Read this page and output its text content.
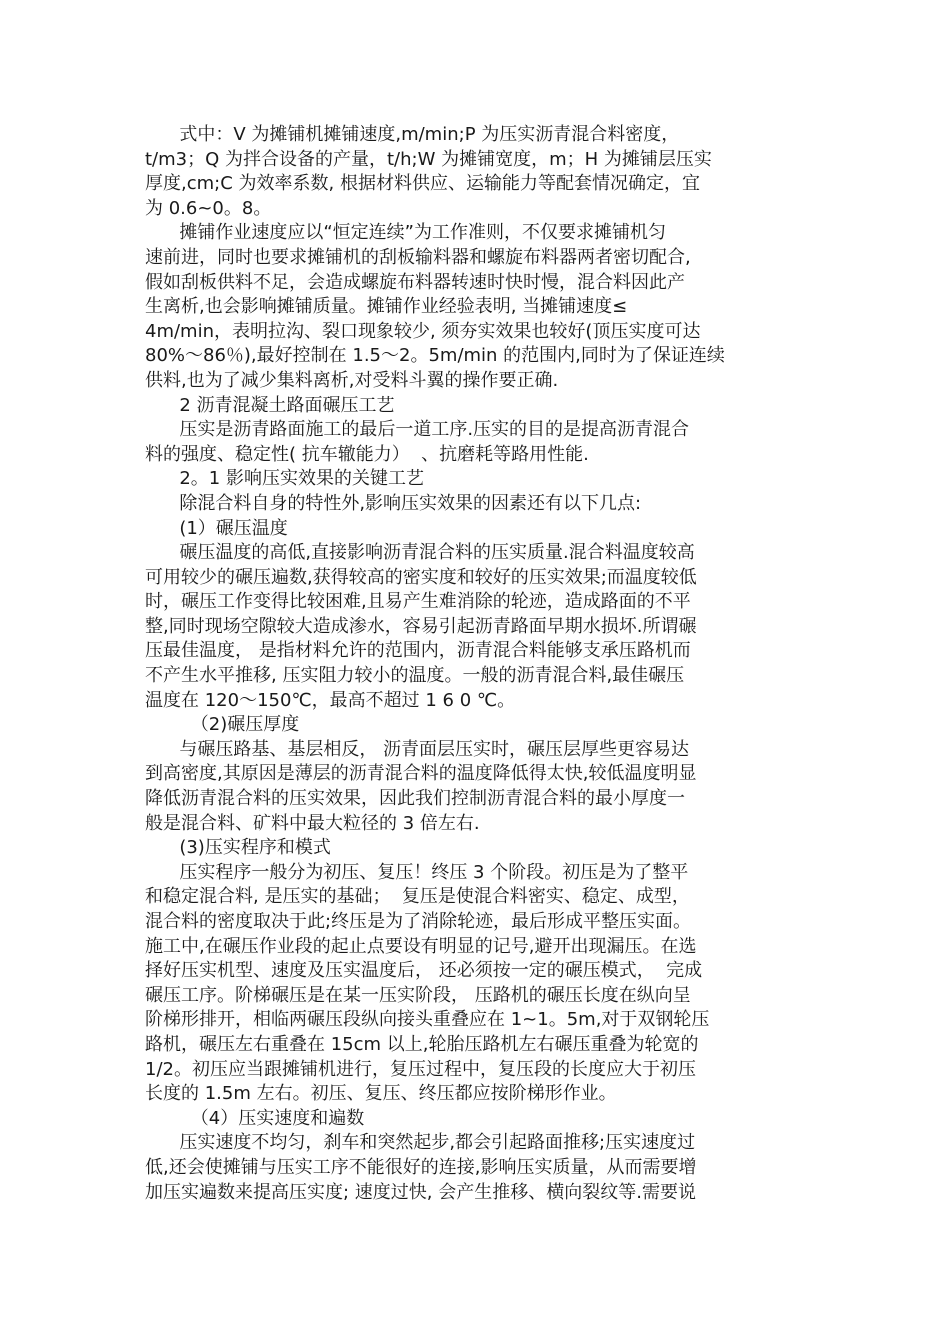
式中：V 为摊铺机摊铺速度,m/min;P 为压实沥青混合料密度，
t/m3；Q 为拌合设备的产量，t/h;W 为摊铺宽度，m；H 为摊铺层压实
厚度,cm;C 为效率系数, 根据材料供应、运输能力等配套情况确定，宜
为 0.6~0。8。
摊铺作业速度应以“恒定连续”为工作准则，不仅要求摊铺机匀
速前进，同时也要求摊铺机的刮板输料器和螺旋布料器两者密切配合,
假如刮板供料不足，会造成螺旋布料器转速时快时慢，混合料因此产
生离析,也会影响摊铺质量。摊铺作业经验表明, 当摊铺速度≤
4m/min，表明拉沟、裂口现象较少, 须夯实效果也较好(顶压实度可达
80%～86％),最好控制在 1.5～2。5m/min 的范围内,同时为了保证连续
供料,也为了减少集料离析,对受料斗翼的操作要正确.
2 沥青混凝土路面碾压工艺
压实是沥青路面施工的最后一道工序.压实的目的是提高沥青混合
料的强度、稳定性( 抗车辙能力）  、抗磨耗等路用性能.
2。1 影响压实效果的关键工艺
除混合料自身的特性外,影响压实效果的因素还有以下几点:
(1）碾压温度
碾压温度的高低,直接影响沥青混合料的压实质量.混合料温度较高
可用较少的碾压遍数,获得较高的密实度和较好的压实效果;而温度较低
时，碾压工作变得比较困难,且易产生难消除的轮迹，造成路面的不平
整,同时现场空隙较大造成渗水，容易引起沥青路面早期水损坏.所谓碾
压最佳温度， 是指材料允许的范围内，沥青混合料能够支承压路机而
不产生水平推移, 压实阻力较小的温度。一般的沥青混合料,最佳碾压
温度在 120～150℃，最高不超过 1 6 0 ℃。
（2)碾压厚度
与碾压路基、基层相反， 沥青面层压实时，碾压层厚些更容易达
到高密度,其原因是薄层的沥青混合料的温度降低得太快,较低温度明显
降低沥青混合料的压实效果，因此我们控制沥青混合料的最小厚度一
般是混合料、矿料中最大粒径的 3 倍左右.
(3)压实程序和模式
压实程序一般分为初压、复压！终压 3 个阶段。初压是为了整平
和稳定混合料, 是压实的基础；  复压是使混合料密实、稳定、成型，
混合料的密度取决于此;终压是为了消除轮迹，最后形成平整压实面。
施工中,在碾压作业段的起止点要设有明显的记号,避开出现漏压。在选
择好压实机型、速度及压实温度后， 还必须按一定的碾压模式，  完成
碾压工序。阶梯碾压是在某一压实阶段， 压路机的碾压长度在纵向呈
阶梯形排开，相临两碾压段纵向接头重叠应在 1~1。5m,对于双钢轮压
路机，碾压左右重叠在 15cm 以上,轮胎压路机左右碾压重叠为轮宽的
1/2。初压应当跟摊铺机进行，复压过程中，复压段的长度应大于初压
长度的 1.5m 左右。初压、复压、终压都应按阶梯形作业。
（4）压实速度和遍数
压实速度不均匀，刹车和突然起步,都会引起路面推移;压实速度过
低,还会使摊铺与压实工序不能很好的连接,影响压实质量，从而需要增
加压实遍数来提高压实度; 速度过快, 会产生推移、横向裂纹等.需要说
